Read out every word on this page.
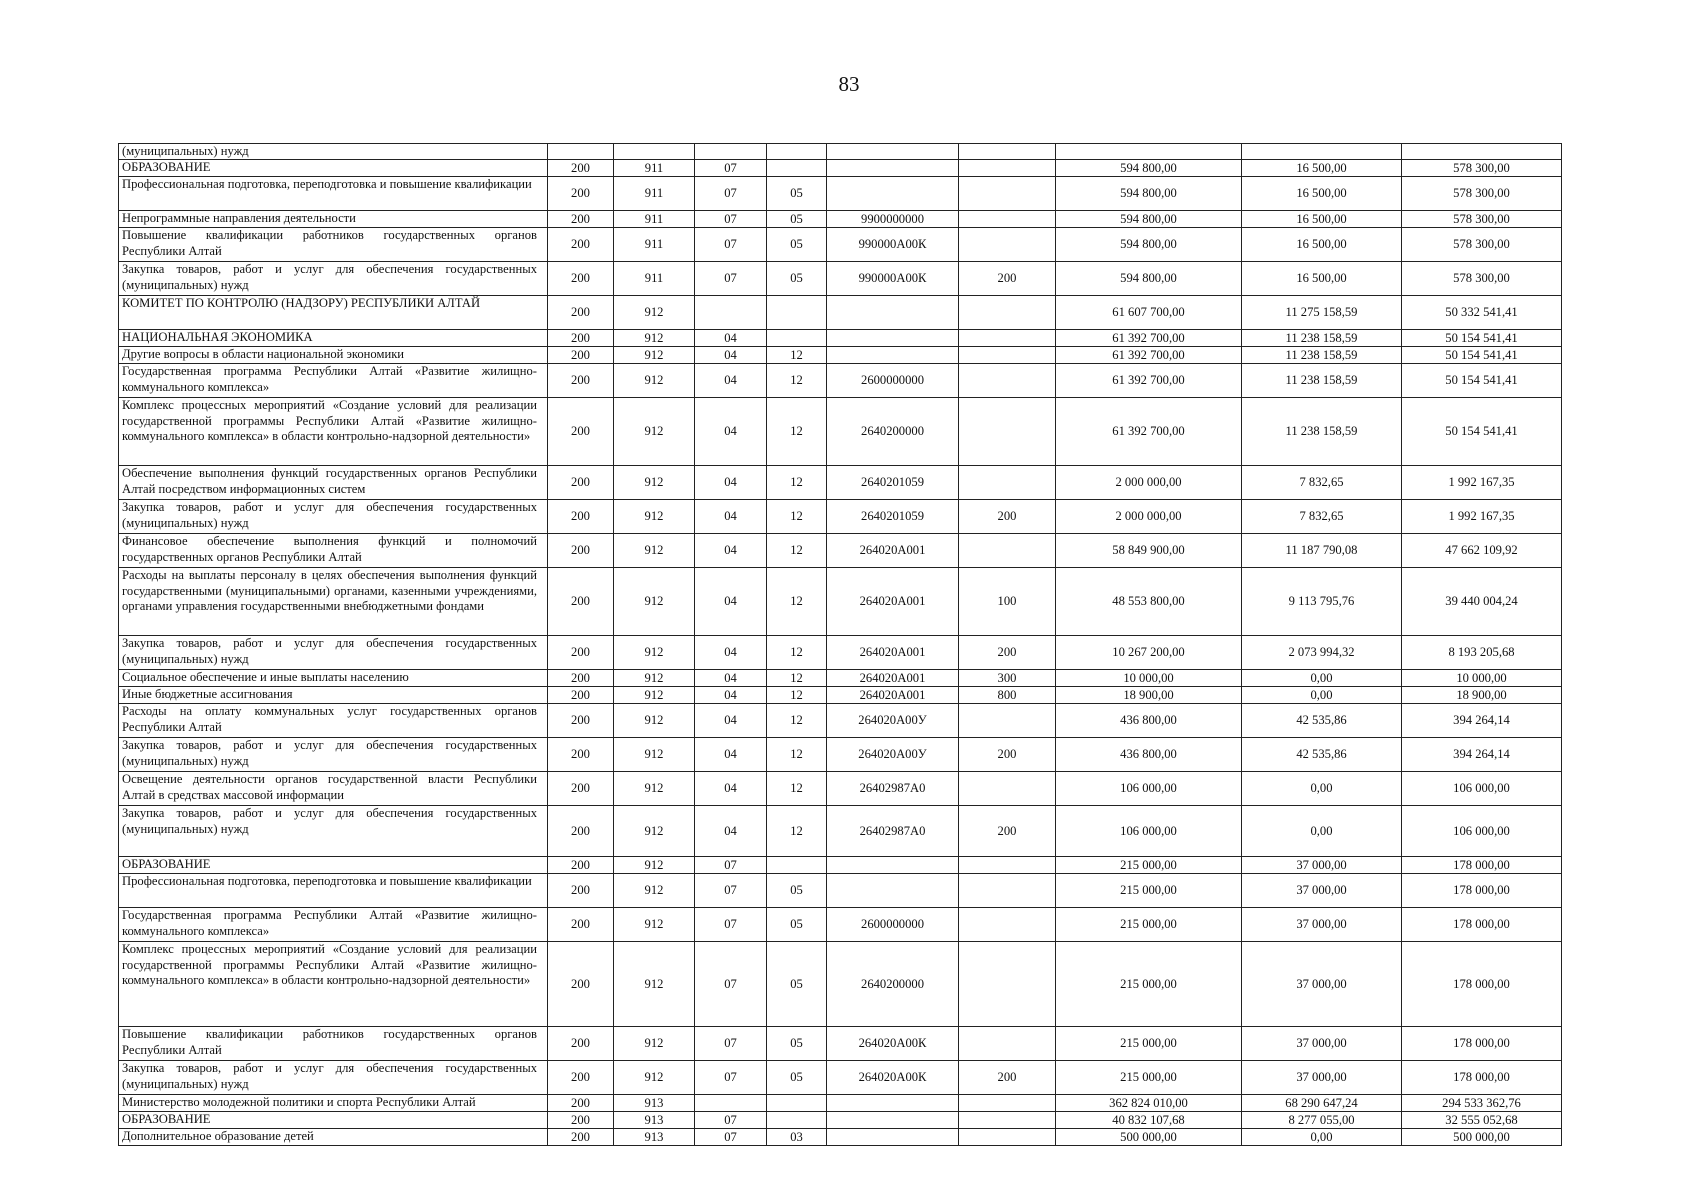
83
(муниципальных) нужд									
ОБРАЗОВАНИЕ	200	911	07				594 800,00	16 500,00	578 300,00
Профессиональная подготовка, переподготовка и повышение квалификации	200	911	07	05			594 800,00	16 500,00	578 300,00
Непрограммные направления деятельности	200	911	07	05	9900000000		594 800,00	16 500,00	578 300,00
Повышение квалификации работников государственных органов Республики Алтай	200	911	07	05	990000А00К		594 800,00	16 500,00	578 300,00
Закупка товаров, работ и услуг для обеспечения государственных (муниципальных) нужд	200	911	07	05	990000А00К	200	594 800,00	16 500,00	578 300,00
КОМИТЕТ ПО КОНТРОЛЮ (НАДЗОРУ) РЕСПУБЛИКИ АЛТАЙ	200	912					61 607 700,00	11 275 158,59	50 332 541,41
НАЦИОНАЛЬНАЯ ЭКОНОМИКА	200	912	04				61 392 700,00	11 238 158,59	50 154 541,41
Другие вопросы в области национальной экономики	200	912	04	12			61 392 700,00	11 238 158,59	50 154 541,41
Государственная программа Республики Алтай «Развитие жилищно-коммунального комплекса»	200	912	04	12	2600000000		61 392 700,00	11 238 158,59	50 154 541,41
Комплекс процессных мероприятий «Создание условий для реализации государственной программы Республики Алтай «Развитие жилищно-коммунального комплекса» в области контрольно-надзорной деятельности»	200	912	04	12	2640200000		61 392 700,00	11 238 158,59	50 154 541,41
Обеспечение выполнения функций государственных органов Республики Алтай посредством информационных систем	200	912	04	12	2640201059		2 000 000,00	7 832,65	1 992 167,35
Закупка товаров, работ и услуг для обеспечения государственных (муниципальных) нужд	200	912	04	12	2640201059	200	2 000 000,00	7 832,65	1 992 167,35
Финансовое обеспечение выполнения функций и полномочий государственных органов Республики Алтай	200	912	04	12	264020А001		58 849 900,00	11 187 790,08	47 662 109,92
Расходы на выплаты персоналу в целях обеспечения выполнения функций государственными (муниципальными) органами, казенными учреждениями, органами управления государственными внебюджетными фондами	200	912	04	12	264020А001	100	48 553 800,00	9 113 795,76	39 440 004,24
Закупка товаров, работ и услуг для обеспечения государственных (муниципальных) нужд	200	912	04	12	264020А001	200	10 267 200,00	2 073 994,32	8 193 205,68
Социальное обеспечение и иные выплаты населению	200	912	04	12	264020А001	300	10 000,00	0,00	10 000,00
Иные бюджетные ассигнования	200	912	04	12	264020А001	800	18 900,00	0,00	18 900,00
Расходы на оплату коммунальных услуг государственных органов Республики Алтай	200	912	04	12	264020А00У		436 800,00	42 535,86	394 264,14
Закупка товаров, работ и услуг для обеспечения государственных (муниципальных) нужд	200	912	04	12	264020А00У	200	436 800,00	42 535,86	394 264,14
Освещение деятельности органов государственной власти Республики Алтай в средствах массовой информации	200	912	04	12	26402987А0		106 000,00	0,00	106 000,00
Закупка товаров, работ и услуг для обеспечения государственных (муниципальных) нужд	200	912	04	12	26402987А0	200	106 000,00	0,00	106 000,00
ОБРАЗОВАНИЕ	200	912	07				215 000,00	37 000,00	178 000,00
Профессиональная подготовка, переподготовка и повышение квалификации	200	912	07	05			215 000,00	37 000,00	178 000,00
Государственная программа Республики Алтай «Развитие жилищно-коммунального комплекса»	200	912	07	05	2600000000		215 000,00	37 000,00	178 000,00
Комплекс процессных мероприятий «Создание условий для реализации государственной программы Республики Алтай «Развитие жилищно-коммунального комплекса» в области контрольно-надзорной деятельности»	200	912	07	05	2640200000		215 000,00	37 000,00	178 000,00
Повышение квалификации работников государственных органов Республики Алтай	200	912	07	05	264020А00К		215 000,00	37 000,00	178 000,00
Закупка товаров, работ и услуг для обеспечения государственных (муниципальных) нужд	200	912	07	05	264020А00К	200	215 000,00	37 000,00	178 000,00
Министерство молодежной политики и спорта Республики Алтай	200	913					362 824 010,00	68 290 647,24	294 533 362,76
ОБРАЗОВАНИЕ	200	913	07				40 832 107,68	8 277 055,00	32 555 052,68
Дополнительное образование детей	200	913	07	03			500 000,00	0,00	500 000,00
